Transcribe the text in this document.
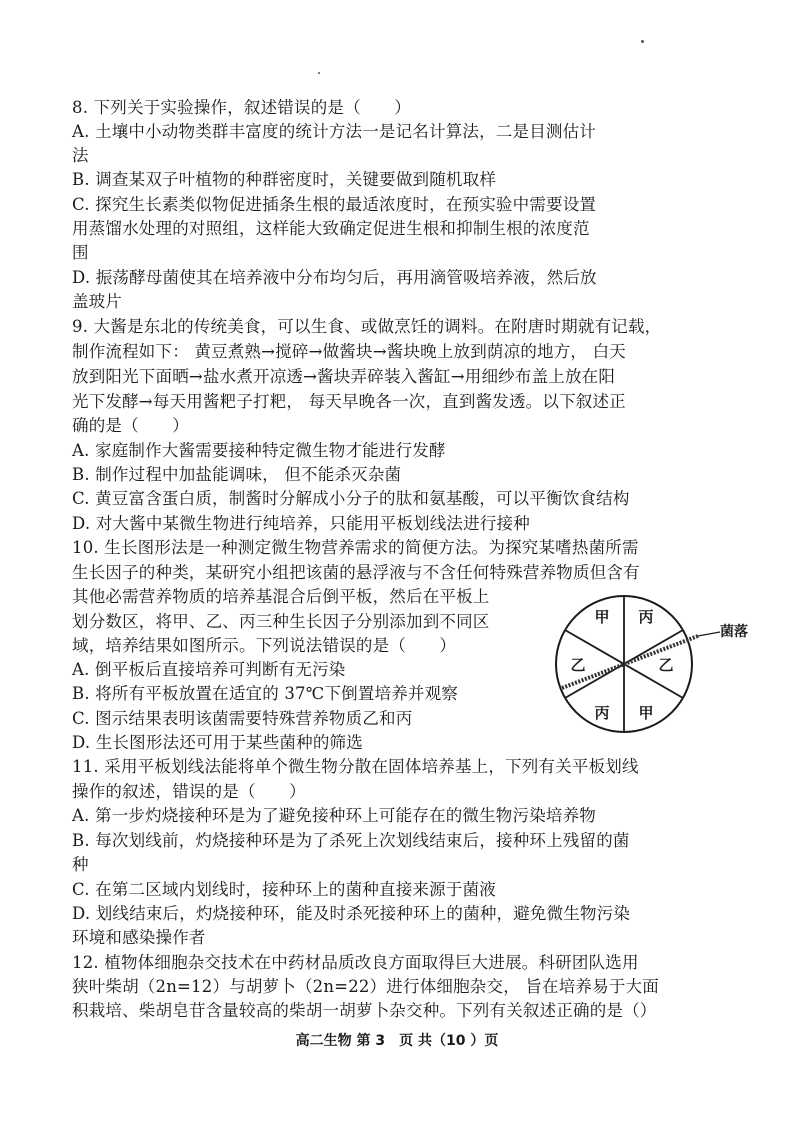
8. 下列关于实验操作，叙述错误的是（　　）
A. 土壤中小动物类群丰富度的统计方法一是记名计算法，二是目测估计
法
B. 调查某双子叶植物的种群密度时，关键要做到随机取样
C. 探究生长素类似物促进插条生根的最适浓度时，在预实验中需要设置
用蒸馏水处理的对照组，这样能大致确定促进生根和抑制生根的浓度范
围
D. 振荡酵母菌使其在培养液中分布均匀后，再用滴管吸培养液，然后放
盖玻片
9. 大酱是东北的传统美食，可以生食、或做烹饪的调料。在附唐时期就有记载，
制作流程如下： 黄豆煮熟→搅碎→做酱块→酱块晚上放到荫凉的地方， 白天
放到阳光下面晒→盐水煮开凉透→酱块弄碎装入酱缸→用细纱布盖上放在阳
光下发酵→每天用酱粑子打粑， 每天早晚各一次，直到酱发透。以下叙述正
确的是（　　）
A. 家庭制作大酱需要接种特定微生物才能进行发酵
B. 制作过程中加盐能调味， 但不能杀灭杂菌
C. 黄豆富含蛋白质，制酱时分解成小分子的肽和氨基酸，可以平衡饮食结构
D. 对大酱中某微生物进行纯培养，只能用平板划线法进行接种
10. 生长图形法是一种测定微生物营养需求的简便方法。为探究某嗜热菌所需
生长因子的种类，某研究小组把该菌的悬浮液与不含任何特殊营养物质但含有
其他必需营养物质的培养基混合后倒平板，然后在平板上
划分数区，将甲、乙、丙三种生长因子分别添加到不同区
域，培养结果如图所示。下列说法错误的是（　　）
A. 倒平板后直接培养可判断有无污染
B. 将所有平板放置在适宜的 37℃下倒置培养并观察
C. 图示结果表明该菌需要特殊营养物质乙和丙
D. 生长图形法还可用于某些菌种的筛选
甲 丙
乙
甲
丙
乙
菌落
11. 采用平板划线法能将单个微生物分散在固体培养基上，下列有关平板划线
操作的叙述，错误的是（　　）
A. 第一步灼烧接种环是为了避免接种环上可能存在的微生物污染培养物
B. 每次划线前，灼烧接种环是为了杀死上次划线结束后，接种环上残留的菌
种
C. 在第二区域内划线时，接种环上的菌种直接来源于菌液
D. 划线结束后，灼烧接种环，能及时杀死接种环上的菌种，避免微生物污染
环境和感染操作者
12. 植物体细胞杂交技术在中药材品质改良方面取得巨大进展。科研团队选用
狭叶柴胡（2n=12）与胡萝卜（2n=22）进行体细胞杂交， 旨在培养易于大面
积栽培、柴胡皂苷含量较高的柴胡一胡萝卜杂交种。下列有关叙述正确的是（）
高二生物 第 3　页 共（10 ）页
